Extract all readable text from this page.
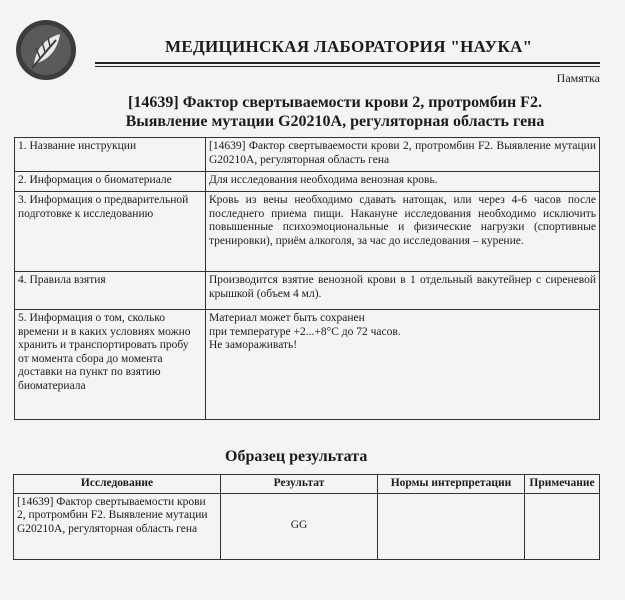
МЕДИЦИНСКАЯ ЛАБОРАТОРИЯ "НАУКА"
Памятка
[14639] Фактор свертываемости крови 2, протромбин F2.
Выявление мутации G20210A, регуляторная область гена
1. Название инструкции	[14639] Фактор свертываемости крови 2, протромбин F2. Выявление мутации G20210A, регуляторная область гена
2. Информация о биоматериале	Для исследования необходима венозная кровь.
3. Информация о предварительной подготовке к исследованию	Кровь из вены необходимо сдавать натощак, или через 4-6 часов после последнего приема пищи. Накануне исследования необходимо исключить повышенные психоэмоциональные и физические нагрузки (спортивные тренировки), приём алкоголя, за час до исследования – курение.
4. Правила взятия	Производится взятие венозной крови в 1 отдельный вакутейнер с сиреневой крышкой (объем 4 мл).
5. Информация о том, сколько времени и в каких условиях можно хранить и транспортировать пробу от момента сбора до момента доставки на пункт по взятию биоматериала	Материал может быть сохранен
при температуре +2...+8°С до 72 часов.
Не замораживать!
Образец результата
Исследование	Результат	Нормы интерпретации	Примечание
[14639] Фактор свертываемости крови 2, протромбин F2. Выявление мутации G20210A, регуляторная область гена	GG		
